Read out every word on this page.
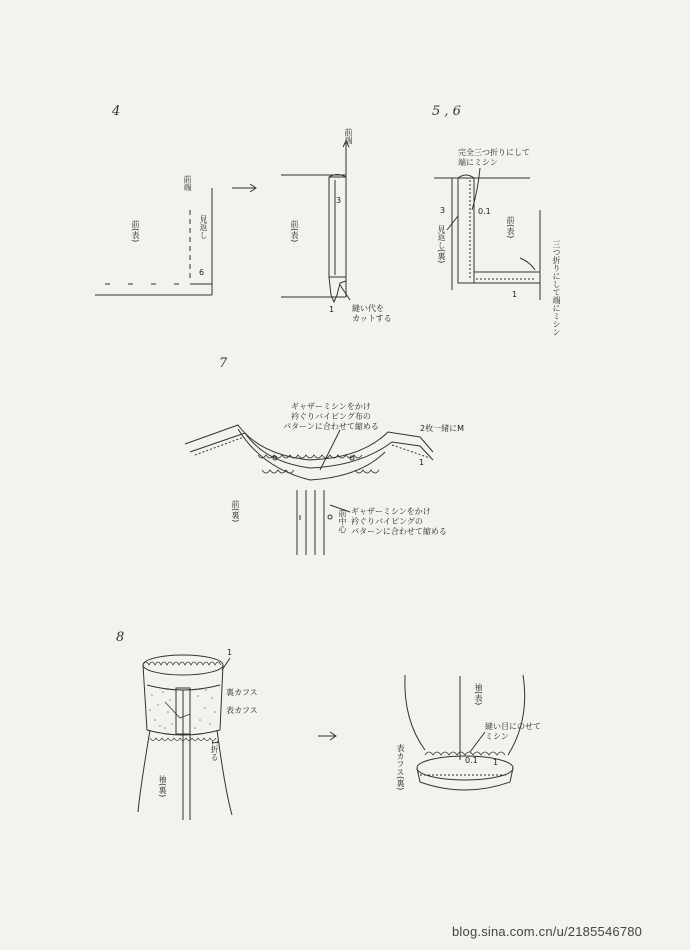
4	5 , 6
7
8
前端
前(表)	見返し
6
前端
3
前(表)
1 縫い代を
カットする
完全三つ折りにして
端にミシン
3	0.1
見返し(裏)	前(表)
三つ折りにして端にミシン
1
ギャザーミシンをかけ
衿ぐりバイピング布の
パターンに合わせて縮める	2枚一緒にM
1
前(裏)	前中心 ギャザーミシンをかけ
衿ぐりバイピングの
パターンに合わせて縮める
1
裏カフス
表カフス
1折る
袖(裏)
袖(表)
縫い目にのせて
ミシン
表カフス(裏)	0.1 1
blog.sina.com.cn/u/2185546780
